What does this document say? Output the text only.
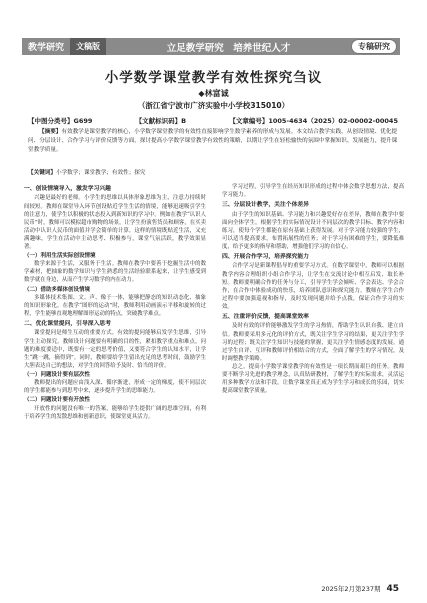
教学研究	文稿版	立足教学研究　培养世纪人才	专稿研究
小学数学课堂教学有效性探究刍议
◆林富诚
（浙江省宁波市广济实验中小学校315010）
【中图分类号】G699	【文献标识码】B	【文章编号】1005-4634（2025）02-00002-00045
【摘要】有效教学是课堂教学的核心，小学数学课堂教学的有效性直接影响学生数学素养的形成与发展。本文结合教学实践，从创设情境、优化提问、分层设计、合作学习与评价反馈等方面，探讨提高小学数学课堂教学有效性的策略，以期让学生在轻松愉快的氛围中掌握知识、发展能力，提升课堂教学质量。
【关键词】小学数学；课堂教学；有效性；探究
一、创设情境导入，激发学习兴趣

兴趣是最好的老师。小学生的思维以具体形象思维为主，注意力持续时间较短。教师在课堂导入环节创设贴近学生生活的情境，能够迅速吸引学生的注意力，使学生以积极的状态投入到新知识的学习中。例如在教学“认识人民币”时，教师可以模拟超市购物的场景，让学生扮演售货员和顾客，在买卖活动中认识人民币的面值并学会简单的计算。这样的情境既贴近生活，又充满趣味，学生在活动中主动思考、积极参与，课堂气氛活跃，教学效果显著。

（一）利用生活实际创设情境

数学来源于生活，又服务于生活。教师在教学中要善于挖掘生活中的数学素材，把抽象的数学知识与学生熟悉的生活经验联系起来，让学生感受到数学就在身边，从而产生学习数学的内在动力。

（二）借助多媒体创设情境

多媒体技术集图、文、声、像于一体，能够把静态的知识动态化、抽象的知识形象化。在教学“图形的运动”时，教师利用动画演示平移和旋转的过程，学生能够直观地理解图形运动的特点，突破教学难点。

二、优化课堂提问，引导深入思考

课堂提问是师生互动的重要方式。有效的提问能够启发学生思维，引导学生主动探究。教师设计问题要有明确的目的性，紧扣教学重点和难点，问题的难度要适中，既要有一定的思考价值，又要符合学生的认知水平，让学生“跳一跳，摘得到”。同时，教师要给学生留出充足的思考时间，鼓励学生大胆表达自己的想法，对学生的回答给予及时、恰当的评价。

（一）问题设计要有层次性

教师提出的问题应由浅入深、循序渐进，形成一定的梯度，使不同层次的学生都能参与到思考中来，逐步提升学生的思维能力。

（二）问题设计要有开放性

开放性的问题没有唯一的答案，能够给学生提供广阔的思维空间，有利于培养学生的发散思维和创新意识，使课堂更具活力。

学习过程，引导学生在经历知识形成的过程中体会数学思想方法，提高学习能力。

三、分层设计教学，关注个体差异

由于学生的知识基础、学习能力和兴趣爱好存在差异，教师在教学中要面向全体学生，根据学生的实际情况设计不同层次的教学目标、教学内容和练习，使每个学生都能在原有基础上获得发展。对于学习能力较强的学生，可以适当提高要求，布置拓展性的任务；对于学习有困难的学生，要降低难度，给予更多的指导和帮助，增强他们学习的自信心。

四、开展合作学习，培养探究能力

合作学习是新课程倡导的重要学习方式。在数学课堂中，教师可以根据教学内容合理组织小组合作学习，让学生在交流讨论中相互启发、取长补短。教师要明确合作的任务与分工，引导学生学会倾听、学会表达、学会合作，在合作中体验成功的快乐，培养团队意识和探究能力。教师在学生合作过程中要加强巡视和指导，及时发现问题并给予点拨，保证合作学习的实效。

五、注重评价反馈，提高课堂效率

及时有效的评价能够激发学生的学习热情，帮助学生认识自我、建立自信。教师要采用多元化的评价方式，既关注学生学习的结果，更关注学生学习的过程；既关注学生知识与技能的掌握，更关注学生情感态度的发展。通过学生自评、互评和教师评价相结合的方式，全面了解学生的学习情况，及时调整教学策略。

总之，提高小学数学课堂教学的有效性是一项长期而艰巨的任务。教师要不断学习先进的教学理念，认真钻研教材，了解学生的实际需求，灵活运用多种教学方法和手段，让数学课堂真正成为学生学习和成长的乐园，切实提高课堂教学质量。

2025年2月第237期 45
